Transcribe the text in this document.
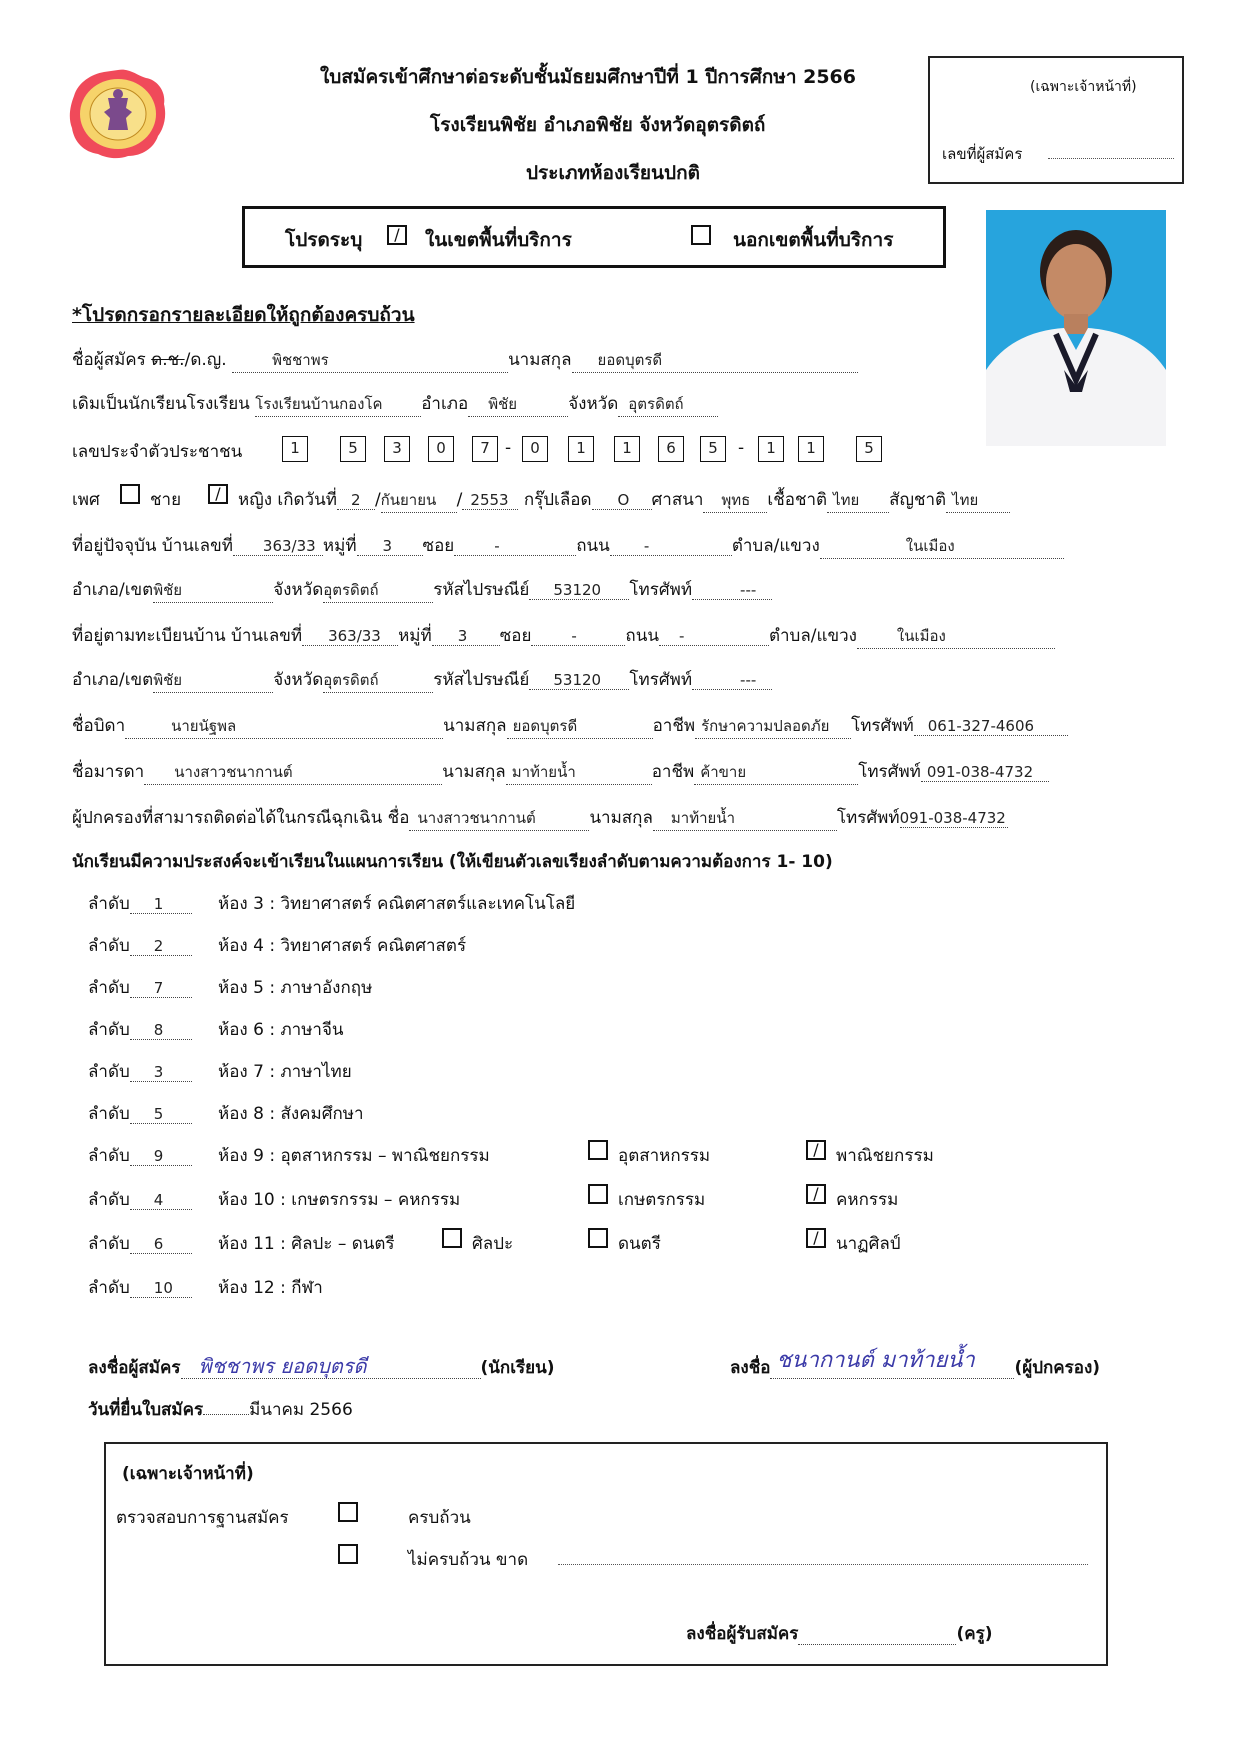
ใบสมัครเข้าศึกษาต่อระดับชั้นมัธยมศึกษาปีที่ 1 ปีการศึกษา 2566
โรงเรียนพิชัย อำเภอพิชัย จังหวัดอุตรดิตถ์
ประเภทห้องเรียนปกติ
(เฉพาะเจ้าหน้าที่)
เลขที่ผู้สมัคร
โปรดระบุ	/	ในเขตพื้นที่บริการ	นอกเขตพื้นที่บริการ
*โปรดกรอกรายละเอียดให้ถูกต้องครบถ้วน
ชื่อผู้สมัคร ด.ช./ด.ญ.	พิชชาพร	นามสกุล ยอดบุตรดี
เดิมเป็นนักเรียนโรงเรียน โรงเรียนบ้านกองโค อำเภอ พิชัย	จังหวัด อุตรดิตถ์
เลขประจำตัวประชาชน	1	5	3	0	7 -	0	1	1	6	5	-	1	1	5
เพศ	ชาย	/	หญิง เกิดวันที่ 2 /กันยายน / 2553 กรุ๊ปเลือด O ศาสนา พุทธ เชื้อชาติ ไทย สัญชาติ ไทย
ที่อยู่ปัจจุบัน บ้านเลขที่ 363/33 หมู่ที่ 3 ซอย	-	ถนน -	ตำบล/แขวง	ในเมือง
อำเภอ/เขตพิชัย	จังหวัดอุตรดิตถ์	รหัสไปรษณีย์ 53120 โทรศัพท์	---
ที่อยู่ตามทะเบียนบ้าน บ้านเลขที่ 363/33 หมู่ที่ 3 ซอย	-	ถนน -	ตำบล/แขวง	ในเมือง
อำเภอ/เขตพิชัย	จังหวัดอุตรดิตถ์	รหัสไปรษณีย์ 53120 โทรศัพท์	---
ชื่อบิดา	นายนัฐพล	นามสกุล ยอดบุตรดี	อาชีพ รักษาความปลอดภัย โทรศัพท์ 061-327-4606
ชื่อมารดา นางสาวชนากานต์	นามสกุล มาท้ายน้ำ	อาชีพ ค้าขาย	โทรศัพท์ 091-038-4732
ผู้ปกครองที่สามารถติดต่อได้ในกรณีฉุกเฉิน ชื่อ นางสาวชนากานต์	นามสกุล มาท้ายน้ำ	โทรศัพท์091-038-4732
นักเรียนมีความประสงค์จะเข้าเรียนในแผนการเรียน (ให้เขียนตัวเลขเรียงลำดับตามความต้องการ 1- 10)
ลำดับ 1	ห้อง 3 : วิทยาศาสตร์ คณิตศาสตร์และเทคโนโลยี
ลำดับ 2	ห้อง 4 : วิทยาศาสตร์ คณิตศาสตร์
ลำดับ 7	ห้อง 5 : ภาษาอังกฤษ
ลำดับ 8	ห้อง 6 : ภาษาจีน
ลำดับ 3	ห้อง 7 : ภาษาไทย
ลำดับ 5	ห้อง 8 : สังคมศึกษา
ลำดับ 9	ห้อง 9 : อุตสาหกรรม – พาณิชยกรรม	อุตสาหกรรม	/	พาณิชยกรรม
ลำดับ 4	ห้อง 10 : เกษตรกรรม – คหกรรม	เกษตรกรรม	/	คหกรรม
ลำดับ 6	ห้อง 11 : ศิลปะ – ดนตรี	ศิลปะ	ดนตรี	/	นาฏศิลป์
ลำดับ 10	ห้อง 12 : กีฬา
ลงชื่อผู้สมัคร พิชชาพร ยอดบุตรดี	(นักเรียน)	ลงชื่อ ชนากานต์ มาท้ายน้ำ (ผู้ปกครอง)
วันที่ยื่นใบสมัคร	มีนาคม 2566
(เฉพาะเจ้าหน้าที่)
ตรวจสอบการฐานสมัคร	ครบถ้วน
ไม่ครบถ้วน ขาด
ลงชื่อผู้รับสมัคร	(ครู)
